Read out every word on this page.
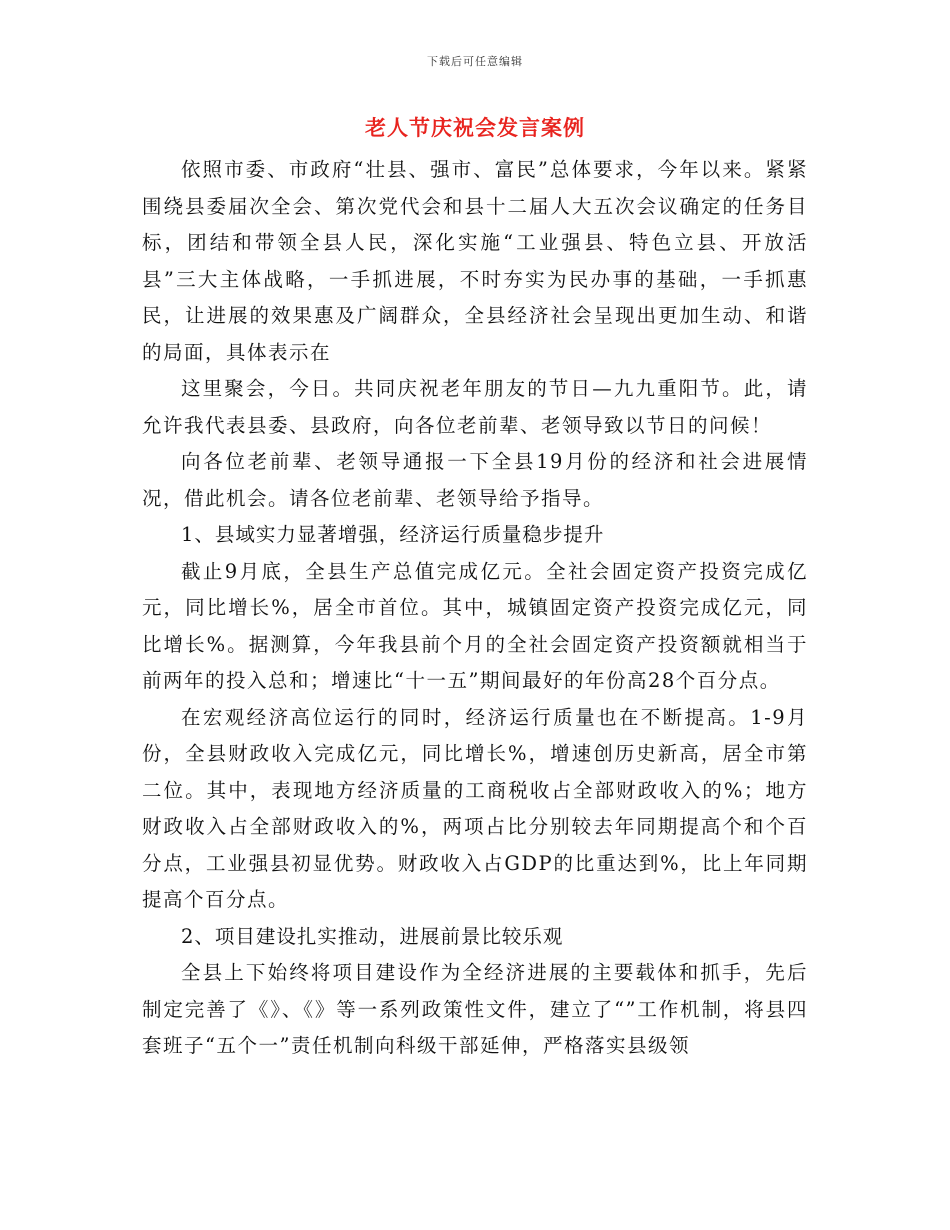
下载后可任意编辑
老人节庆祝会发言案例

依照市委、市政府“壮县、强市、富民”总体要求，今年以来。紧紧围绕县委届次全会、第次党代会和县十二届人大五次会议确定的任务目标，团结和带领全县人民，深化实施“工业强县、特色立县、开放活县”三大主体战略，一手抓进展，不时夯实为民办事的基础，一手抓惠民，让进展的效果惠及广阔群众，全县经济社会呈现出更加生动、和谐的局面，具体表示在

这里聚会，今日。共同庆祝老年朋友的节日—九九重阳节。此，请允许我代表县委、县政府，向各位老前辈、老领导致以节日的问候！

向各位老前辈、老领导通报一下全县19月份的经济和社会进展情况，借此机会。请各位老前辈、老领导给予指导。

1、县域实力显著增强，经济运行质量稳步提升

截止9月底，全县生产总值完成亿元。全社会固定资产投资完成亿元，同比增长%，居全市首位。其中，城镇固定资产投资完成亿元，同比增长%。据测算，今年我县前个月的全社会固定资产投资额就相当于前两年的投入总和；增速比“十一五”期间最好的年份高28个百分点。

在宏观经济高位运行的同时，经济运行质量也在不断提高。1-9月份，全县财政收入完成亿元，同比增长%，增速创历史新高，居全市第二位。其中，表现地方经济质量的工商税收占全部财政收入的%；地方财政收入占全部财政收入的%，两项占比分别较去年同期提高个和个百分点，工业强县初显优势。财政收入占GDP的比重达到%，比上年同期提高个百分点。

2、项目建设扎实推动，进展前景比较乐观

全县上下始终将项目建设作为全经济进展的主要载体和抓手，先后制定完善了《》、《》等一系列政策性文件，建立了“”工作机制，将县四套班子“五个一”责任机制向科级干部延伸，严格落实县级领
